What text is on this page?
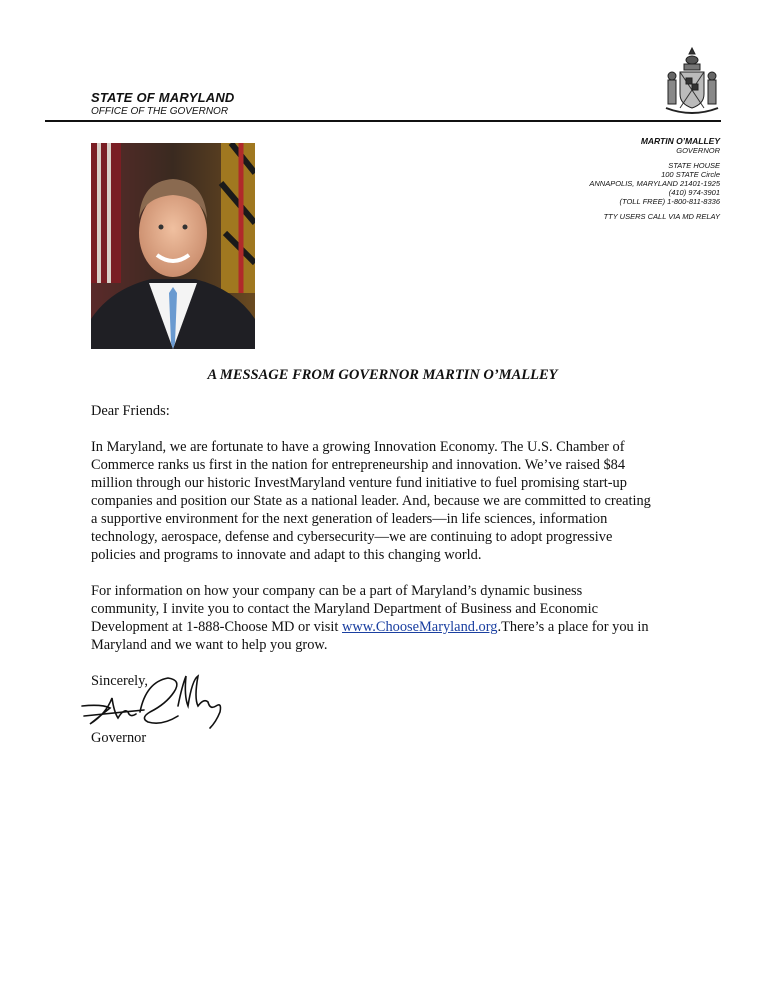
STATE OF MARYLAND
OFFICE OF THE GOVERNOR
MARTIN O’MALLEY
GOVERNOR
STATE HOUSE
100 STATE Circle
ANNAPOLIS, MARYLAND 21401-1925
(410) 974-3901
(TOLL FREE) 1-800-811-8336
TTY USERS CALL VIA MD RELAY
A MESSAGE FROM GOVERNOR MARTIN O’MALLEY

Dear Friends:

In Maryland, we are fortunate to have a growing Innovation Economy. The U.S. Chamber of Commerce ranks us first in the nation for entrepreneurship and innovation. We’ve raised $84 million through our historic InvestMaryland venture fund initiative to fuel promising start-up companies and position our State as a national leader. And, because we are committed to creating a supportive environment for the next generation of leaders—in life sciences, information technology, aerospace, defense and cybersecurity—we are continuing to adopt progressive policies and programs to innovate and adapt to this changing world.

For information on how your company can be a part of Maryland’s dynamic business community, I invite you to contact the Maryland Department of Business and Economic Development at 1-888-Choose MD or visit www.ChooseMaryland.org.There’s a place for you in Maryland and we want to help you grow.

Sincerely,

Governor
